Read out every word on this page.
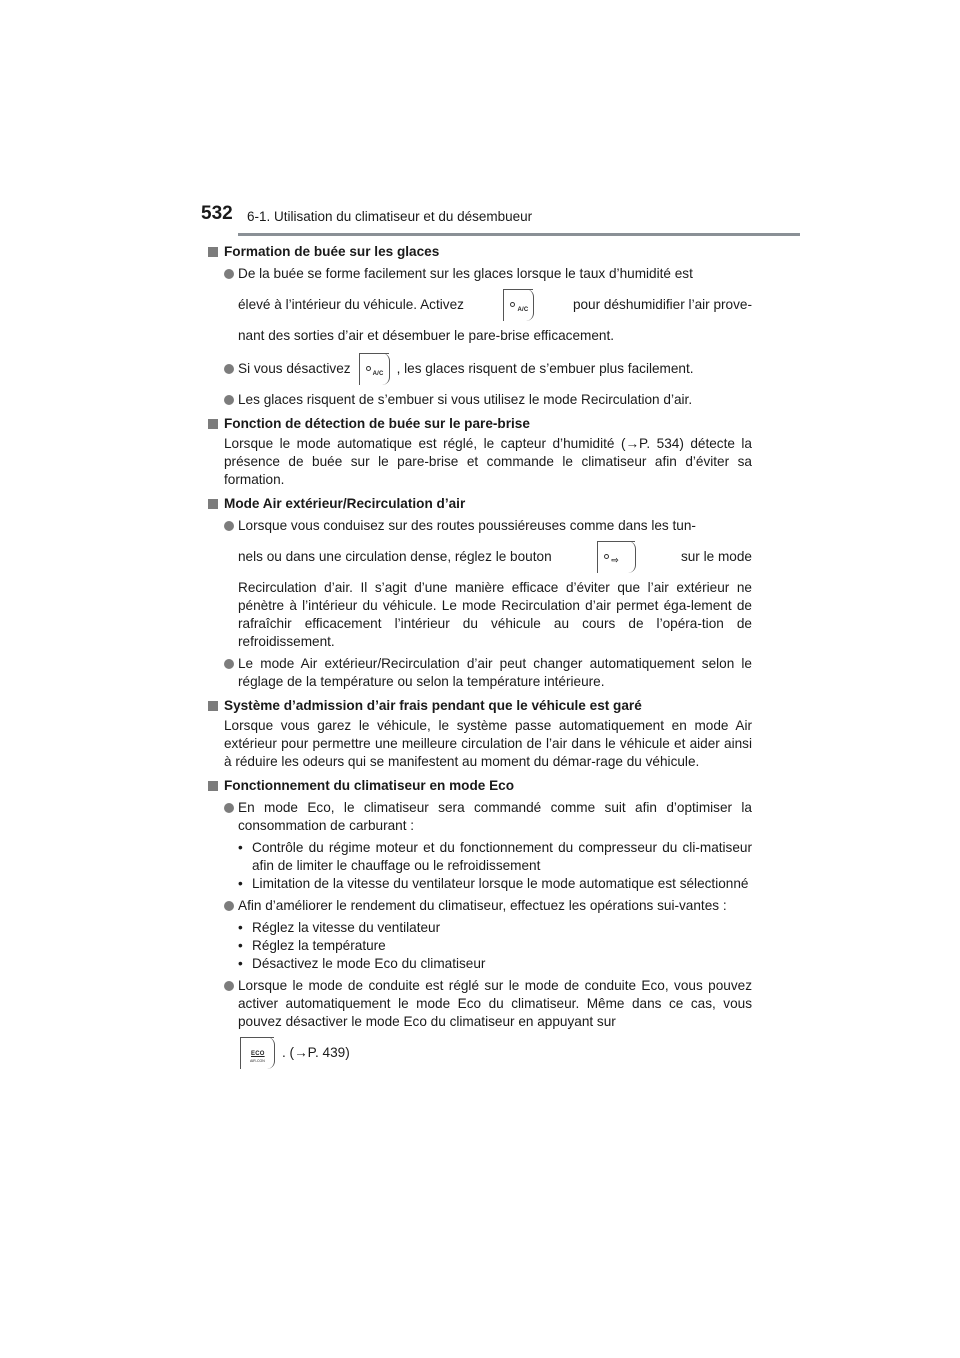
532 6-1. Utilisation du climatiseur et du désembueur
Formation de buée sur les glaces
De la buée se forme facilement sur les glaces lorsque le taux d’humidité est
élevé à l’intérieur du véhicule. Activez	A/C	pour déshumidifier l’air prove-
nant des sorties d’air et désembuer le pare-brise efficacement.
Si vous désactivez	A/C , les glaces risquent de s’embuer plus facilement.
Les glaces risquent de s’embuer si vous utilisez le mode Recirculation d’air.
Fonction de détection de buée sur le pare-brise
Lorsque le mode automatique est réglé, le capteur d’humidité (→P. 534) détecte la présence de buée sur le pare-brise et commande le climatiseur afin d’éviter sa formation.
Mode Air extérieur/Recirculation d’air
Lorsque vous conduisez sur des routes poussiéreuses comme dans les tun-
nels ou dans une circulation dense, réglez le bouton	⇨	sur le mode
Recirculation d’air. Il s’agit d’une manière efficace d’éviter que l’air extérieur ne pénètre à l’intérieur du véhicule. Le mode Recirculation d’air permet éga-lement de rafraîchir efficacement l’intérieur du véhicule au cours de l’opéra-tion de refroidissement.
Le mode Air extérieur/Recirculation d’air peut changer automatiquement selon le réglage de la température ou selon la température intérieure.
Système d’admission d’air frais pendant que le véhicule est garé
Lorsque vous garez le véhicule, le système passe automatiquement en mode Air extérieur pour permettre une meilleure circulation de l’air dans le véhicule et aider ainsi à réduire les odeurs qui se manifestent au moment du démar-rage du véhicule.
Fonctionnement du climatiseur en mode Eco
En mode Eco, le climatiseur sera commandé comme suit afin d’optimiser la consommation de carburant :
• Contrôle du régime moteur et du fonctionnement du compresseur du cli-matiseur afin de limiter le chauffage ou le refroidissement
• Limitation de la vitesse du ventilateur lorsque le mode automatique est sélectionné
Afin d’améliorer le rendement du climatiseur, effectuez les opérations sui-vantes :
• Réglez la vitesse du ventilateur
• Réglez la température
• Désactivez le mode Eco du climatiseur
Lorsque le mode de conduite est réglé sur le mode de conduite Eco, vous pouvez activer automatiquement le mode Eco du climatiseur. Même dans ce cas, vous pouvez désactiver le mode Eco du climatiseur en appuyant sur
ECO
AIR-CON
. (→P. 439)
